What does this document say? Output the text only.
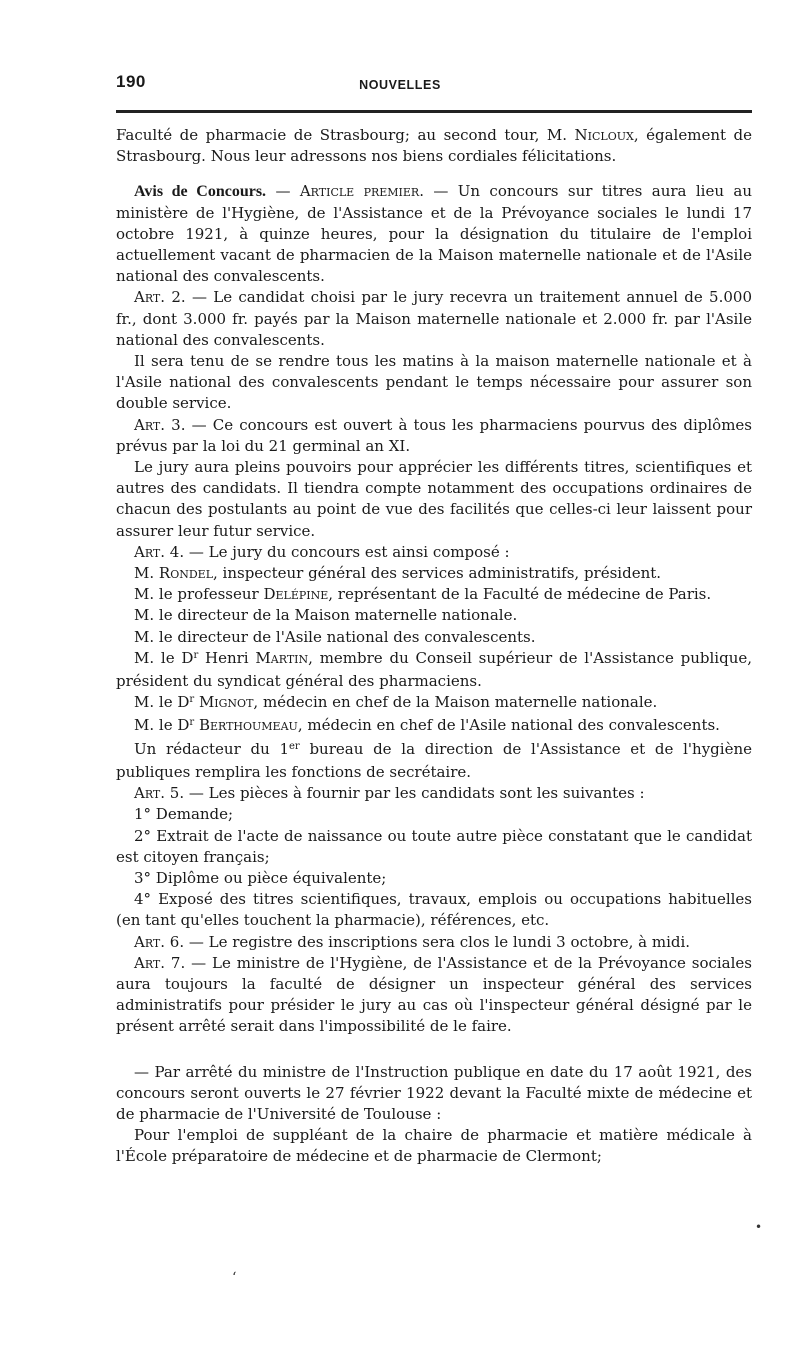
190	NOUVELLES

Faculté de pharmacie de Strasbourg; au second tour, M. Nicloux, également de Strasbourg. Nous leur adressons nos biens cordiales félicitations.

Avis de Concours. — Article premier. — Un concours sur titres aura lieu au ministère de l'Hygiène, de l'Assistance et de la Prévoyance sociales le lundi 17 octobre 1921, à quinze heures, pour la désignation du titulaire de l'emploi actuellement vacant de pharmacien de la Maison maternelle nationale et de l'Asile national des convalescents.

Art. 2. — Le candidat choisi par le jury recevra un traitement annuel de 5.000 fr., dont 3.000 fr. payés par la Maison maternelle nationale et 2.000 fr. par l'Asile national des convalescents.

Il sera tenu de se rendre tous les matins à la maison maternelle nationale et à l'Asile national des convalescents pendant le temps nécessaire pour assurer son double service.

Art. 3. — Ce concours est ouvert à tous les pharmaciens pourvus des diplômes prévus par la loi du 21 germinal an XI.

Le jury aura pleins pouvoirs pour apprécier les différents titres, scientifiques et autres des candidats. Il tiendra compte notamment des occupations ordinaires de chacun des postulants au point de vue des facilités que celles-ci leur laissent pour assurer leur futur service.

Art. 4. — Le jury du concours est ainsi composé :

M. Rondel, inspecteur général des services administratifs, président.

M. le professeur Delépine, représentant de la Faculté de médecine de Paris.

M. le directeur de la Maison maternelle nationale.

M. le directeur de l'Asile national des convalescents.

M. le D$^r$ Henri Martin, membre du Conseil supérieur de l'Assistance publique, président du syndicat général des pharmaciens.

M. le D$^r$ Mignot, médecin en chef de la Maison maternelle nationale.

M. le D$^r$ Berthoumeau, médecin en chef de l'Asile national des convalescents.

Un rédacteur du 1er bureau de la direction de l'Assistance et de l'hygiène publiques remplira les fonctions de secrétaire.

Art. 5. — Les pièces à fournir par les candidats sont les suivantes :

1° Demande;

2° Extrait de l'acte de naissance ou toute autre pièce constatant que le candidat est citoyen français;

3° Diplôme ou pièce équivalente;

4° Exposé des titres scientifiques, travaux, emplois ou occupations habituelles (en tant qu'elles touchent la pharmacie), références, etc.

Art. 6. — Le registre des inscriptions sera clos le lundi 3 octobre, à midi.

Art. 7. — Le ministre de l'Hygiène, de l'Assistance et de la Prévoyance sociales aura toujours la faculté de désigner un inspecteur général des services administratifs pour présider le jury au cas où l'inspecteur général désigné par le présent arrêté serait dans l'impossibilité de le faire.

— Par arrêté du ministre de l'Instruction publique en date du 17 août 1921, des concours seront ouverts le 27 février 1922 devant la Faculté mixte de médecine et de pharmacie de l'Université de Toulouse :

Pour l'emploi de suppléant de la chaire de pharmacie et matière médicale à l'École préparatoire de médecine et de pharmacie de Clermont;

‘
•
